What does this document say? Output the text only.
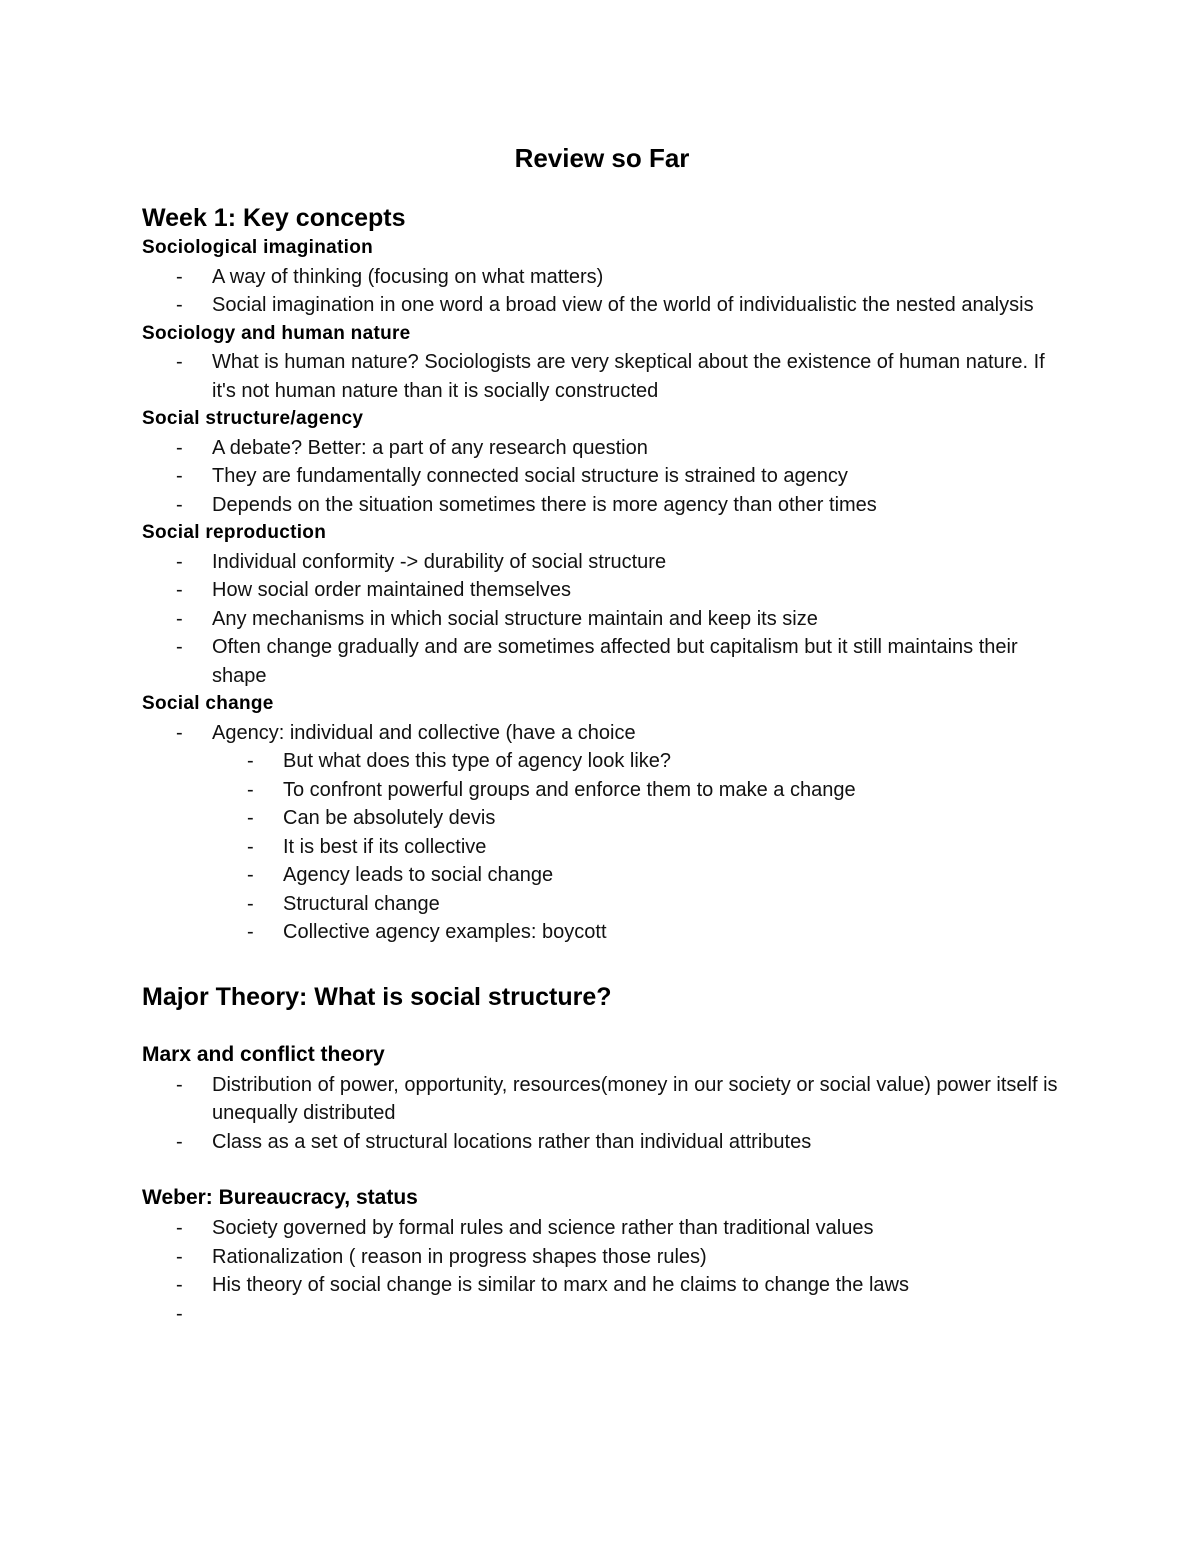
Review so Far
Week 1: Key concepts
Sociological imagination
- A way of thinking (focusing on what matters)
- Social imagination in one word a broad view of the world of individualistic the nested analysis
Sociology and human nature
- What is human nature? Sociologists are very skeptical about the existence of human nature. If it's not human nature than it is socially constructed
Social structure/agency
- A debate? Better: a part of any research question
- They are fundamentally connected social structure is strained to agency
- Depends on the situation sometimes there is more agency than other times
Social reproduction
- Individual conformity -> durability of social structure
- How social order maintained themselves
- Any mechanisms in which social structure maintain and keep its size
- Often change gradually and are sometimes affected but capitalism but it still maintains their shape
Social change
- Agency: individual and collective (have a choice
- But what does this type of agency look like?
- To confront powerful groups and enforce them to make a change
- Can be absolutely devis
- It is best if its collective
- Agency leads to social change
- Structural change
- Collective agency examples: boycott
Major Theory: What is social structure?
Marx and conflict theory
- Distribution of power, opportunity, resources(money in our society or social value) power itself is unequally distributed
- Class as a set of structural locations rather than individual attributes
Weber: Bureaucracy, status
- Society governed by formal rules and science rather than traditional values
- Rationalization ( reason in progress shapes those rules)
- His theory of social change is similar to marx and he claims to change the laws
-
